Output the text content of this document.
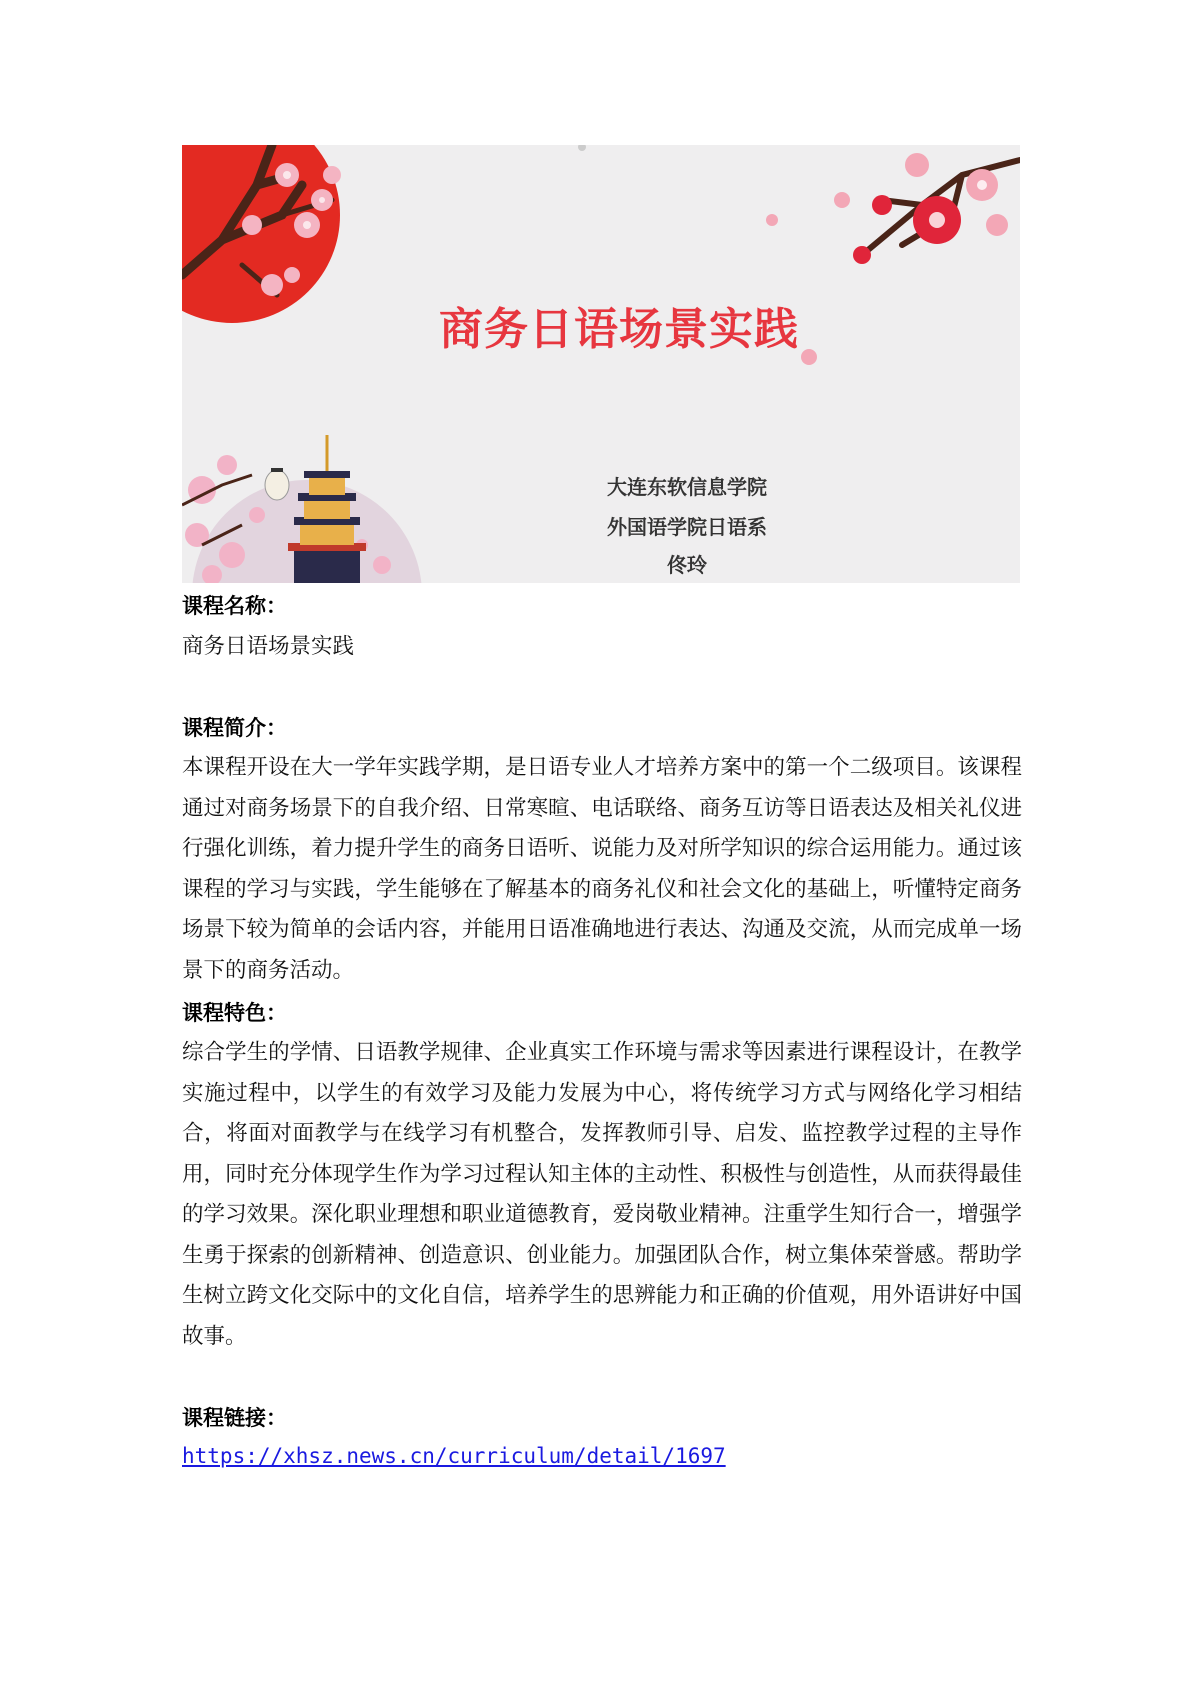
商务日语场景实践
大连东软信息学院
外国语学院日语系
佟玲
课程名称：
商务日语场景实践
课程简介：
本课程开设在大一学年实践学期，是日语专业人才培养方案中的第一个二级项目。该课程通过对商务场景下的自我介绍、日常寒暄、电话联络、商务互访等日语表达及相关礼仪进行强化训练，着力提升学生的商务日语听、说能力及对所学知识的综合运用能力。通过该课程的学习与实践，学生能够在了解基本的商务礼仪和社会文化的基础上，听懂特定商务场景下较为简单的会话内容，并能用日语准确地进行表达、沟通及交流，从而完成单一场景下的商务活动。
课程特色：
综合学生的学情、日语教学规律、企业真实工作环境与需求等因素进行课程设计，在教学实施过程中，以学生的有效学习及能力发展为中心，将传统学习方式与网络化学习相结合，将面对面教学与在线学习有机整合，发挥教师引导、启发、监控教学过程的主导作用，同时充分体现学生作为学习过程认知主体的主动性、积极性与创造性，从而获得最佳的学习效果。深化职业理想和职业道德教育，爱岗敬业精神。注重学生知行合一，增强学生勇于探索的创新精神、创造意识、创业能力。加强团队合作，树立集体荣誉感。帮助学生树立跨文化交际中的文化自信，培养学生的思辨能力和正确的价值观，用外语讲好中国故事。
课程链接：
https://xhsz.news.cn/curriculum/detail/1697
